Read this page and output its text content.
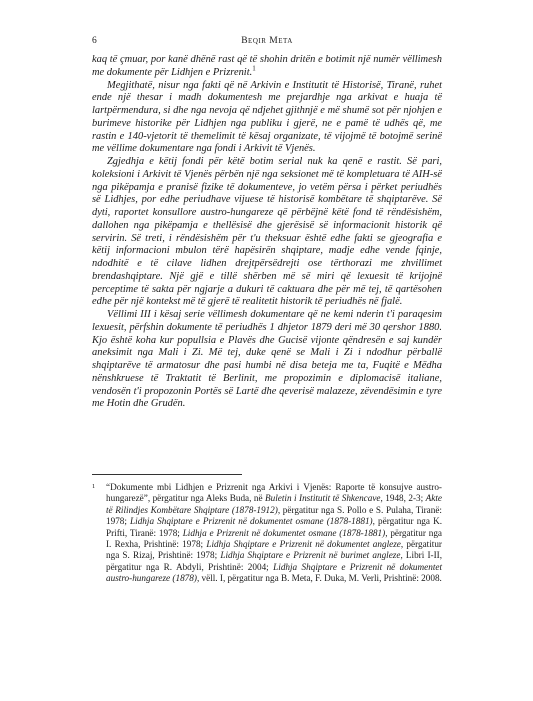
6	Beqir Meta

kaq të çmuar, por kanë dhënë rast që të shohin dritën e botimit një numër vëllimesh me dokumente për Lidhjen e Prizrenit.$^1$

Megjithatë, nisur nga fakti që në Arkivin e Institutit të Historisë, Tiranë, ruhet ende një thesar i madh dokumentesh me prejardhje nga arkivat e huaja të lartpërmendura, si dhe nga nevoja që ndjehet gjithnjë e më shumë sot për njohjen e burimeve historike për Lidhjen nga publiku i gjerë, ne e pamë të udhës që, me rastin e 140-vjetorit të themelimit të kësaj organizate, të vijojmë të botojmë serinë me vëllime dokumentare nga fondi i Arkivit të Vjenës.

Zgjedhja e këtij fondi për këtë botim serial nuk ka qenë e rastit. Së pari, koleksioni i Arkivit të Vjenës përbën një nga seksionet më të kompletuara të AIH-së nga pikëpamja e pranisë fizike të dokumenteve, jo vetëm përsa i përket periudhës së Lidhjes, por edhe periudhave vijuese të historisë kombëtare të shqiptarëve. Së dyti, raportet konsullore austro-hungareze që përbëjnë këtë fond të rëndësishëm, dallohen nga pikëpamja e thellësisë dhe gjerësisë së informacionit historik që servirin. Së treti, i rëndësishëm për t'u theksuar është edhe fakti se gjeografia e këtij informacioni mbulon tërë hapësirën shqiptare, madje edhe vende fqinje, ndodhitë e të cilave lidhen drejtpërsëdrejti ose tërthorazi me zhvillimet brendashqiptare. Një gjë e tillë shërben më së miri që lexuesit të krijojnë perceptime të sakta për ngjarje a dukuri të caktuara dhe për më tej, të qartësohen edhe për një kontekst më të gjerë të realitetit historik të periudhës në fjalë.

Vëllimi III i kësaj serie vëllimesh dokumentare që ne kemi nderin t'i paraqesim lexuesit, përfshin dokumente të periudhës 1 dhjetor 1879 deri më 30 qershor 1880. Kjo është koha kur popullsia e Plavës dhe Gucisë vijonte qëndresën e saj kundër aneksimit nga Mali i Zi. Më tej, duke qenë se Mali i Zi i ndodhur përballë shqiptarëve të armatosur dhe pasi humbi në disa beteja me ta, Fuqitë e Mëdha nënshkruese të Traktatit të Berlinit, me propozimin e diplomacisë italiane, vendosën t'i propozonin Portës së Lartë dhe qeverisë malazeze, zëvendësimin e tyre me Hotin dhe Grudën.

1 “Dokumente mbi Lidhjen e Prizrenit nga Arkivi i Vjenës: Raporte të konsujve austro-hungarezë”, përgatitur nga Aleks Buda, në Buletin i Institutit të Shkencave, 1948, 2-3; Akte të Rilindjes Kombëtare Shqiptare (1878-1912), përgatitur nga S. Pollo e S. Pulaha, Tiranë: 1978; Lidhja Shqiptare e Prizrenit në dokumentet osmane (1878-1881), përgatitur nga K. Prifti, Tiranë: 1978; Lidhja e Prizrenit në dokumentet osmane (1878-1881), përgatitur nga I. Rexha, Prishtinë: 1978; Lidhja Shqiptare e Prizrenit në dokumentet angleze, përgatitur nga S. Rizaj, Prishtinë: 1978; Lidhja Shqiptare e Prizrenit në burimet angleze, Libri I-II, përgatitur nga R. Abdyli, Prishtinë: 2004; Lidhja Shqiptare e Prizrenit në dokumentet austro-hungareze (1878), vëll. I, përgatitur nga B. Meta, F. Duka, M. Verli, Prishtinë: 2008.
